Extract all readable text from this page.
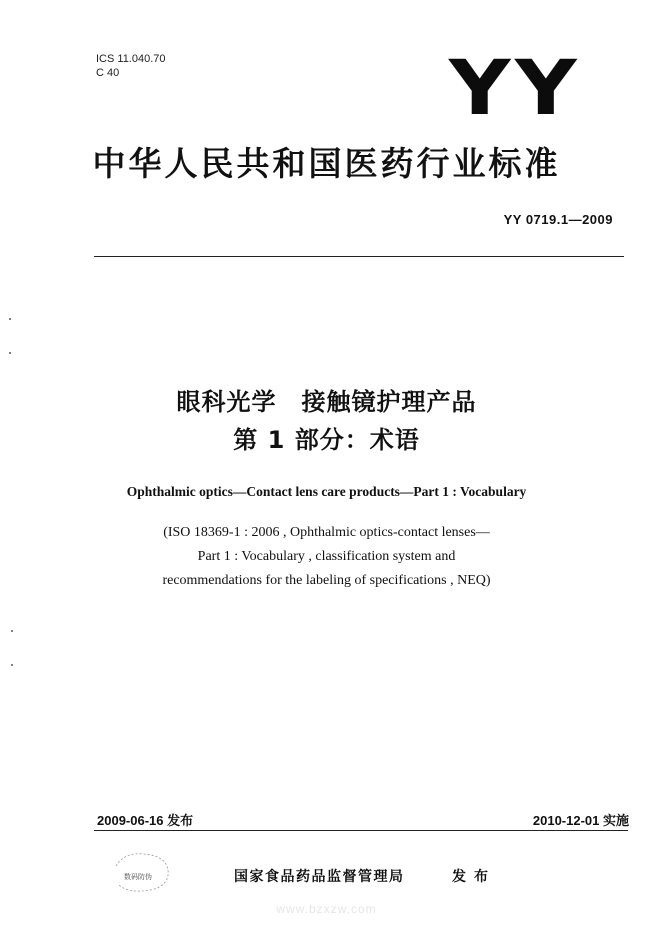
ICS 11.040.70
C 40	YY
中华人民共和国医药行业标准
YY 0719.1—2009
眼科光学　接触镜护理产品
第 1 部分：术语
Ophthalmic optics—Contact lens care products—Part 1 : Vocabulary
(ISO 18369-1 : 2006 , Ophthalmic optics-contact lenses—
Part 1 : Vocabulary , classification system and
recommendations for the labeling of specifications , NEQ)
2009-06-16 发布	2010-12-01 实施
数码防伪	国家食品药品监督管理局	发布
www.bzxzw.com
